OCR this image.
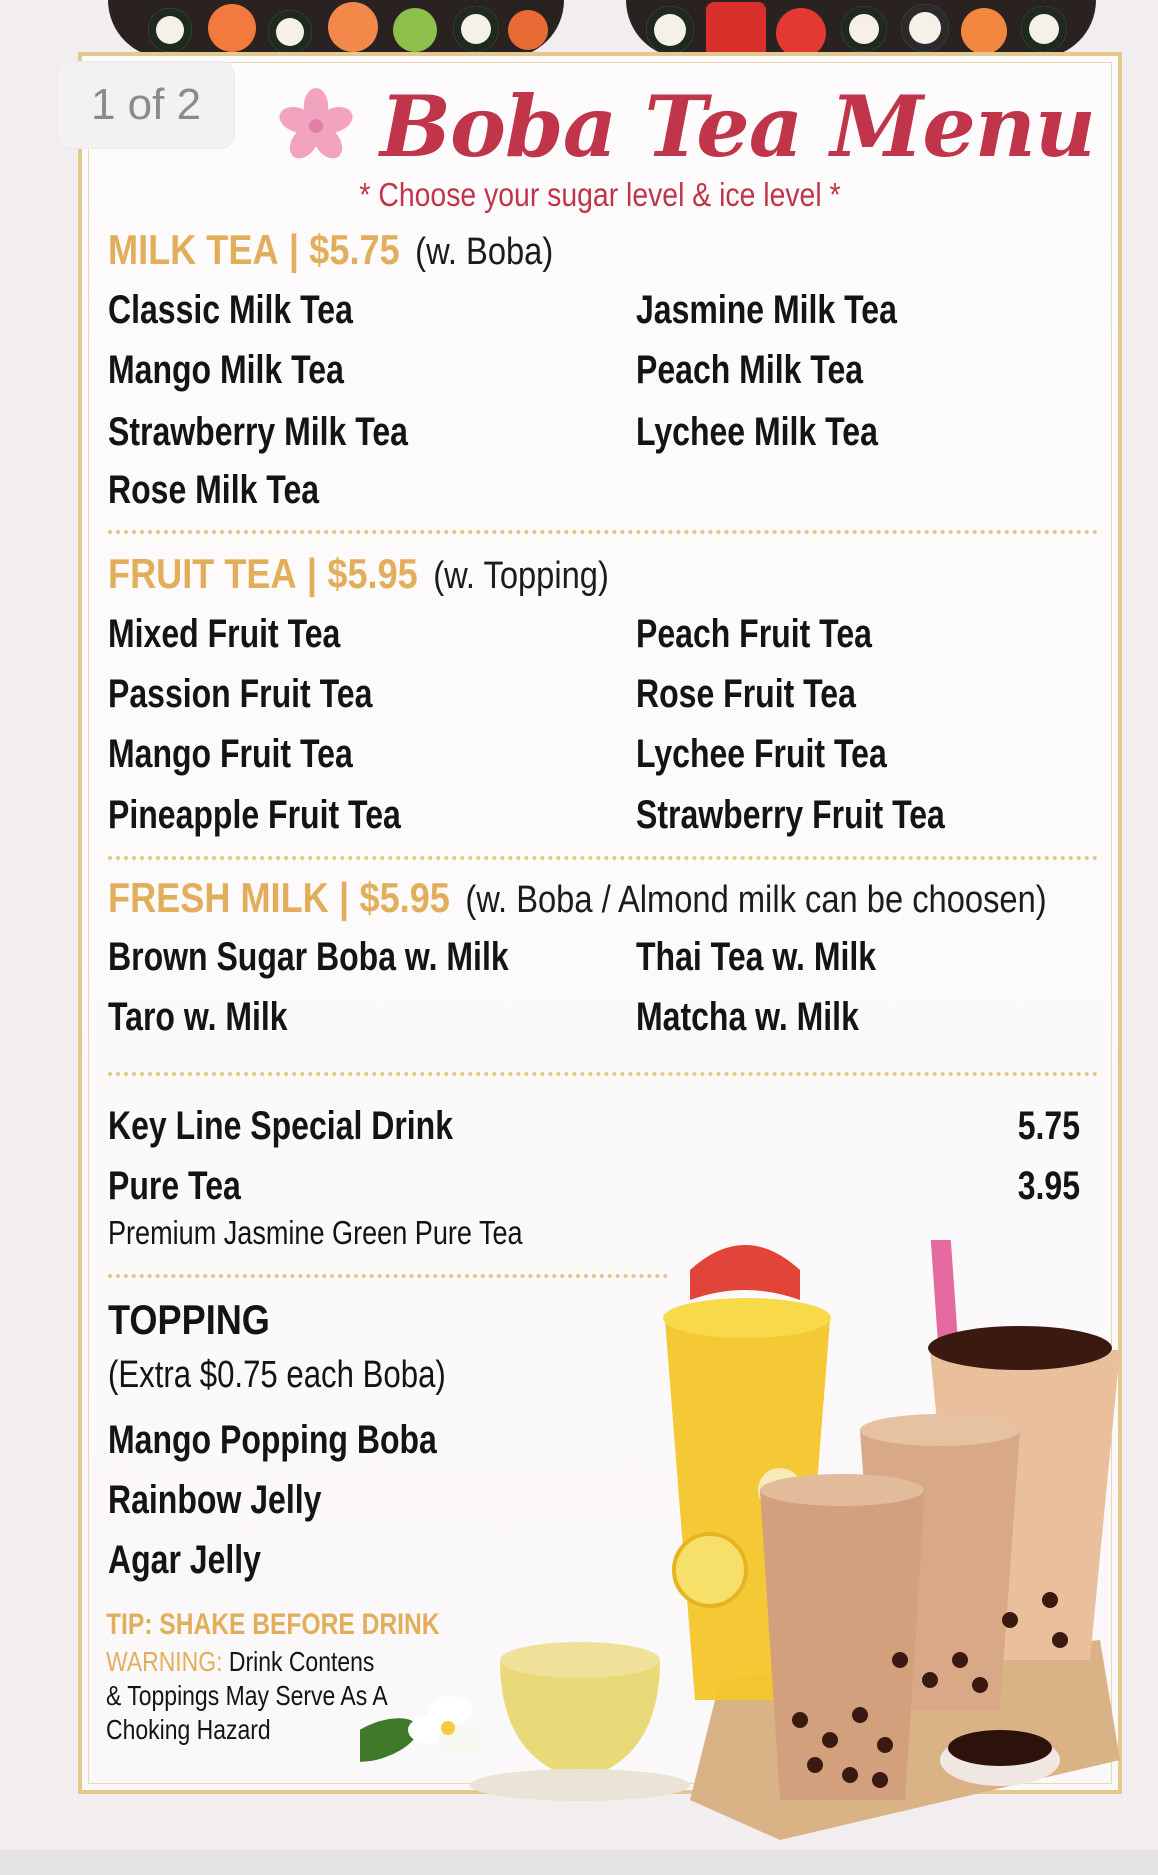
1 of 2 Boba Tea Menu
* Choose your sugar level & ice level *
MILK TEA | $5.75 (w. Boba)
Classic Milk Tea	Jasmine Milk Tea
Mango Milk Tea	Peach Milk Tea
Strawberry Milk Tea	Lychee Milk Tea
Rose Milk Tea
FRUIT TEA | $5.95 (w. Topping)
Mixed Fruit Tea	Peach Fruit Tea
Passion Fruit Tea	Rose Fruit Tea
Mango Fruit Tea	Lychee Fruit Tea
Pineapple Fruit Tea	Strawberry Fruit Tea
FRESH MILK | $5.95 (w. Boba / Almond milk can be choosen)
Brown Sugar Boba w. Milk	Thai Tea w. Milk
Taro w. Milk	Matcha w. Milk
Key Line Special Drink	5.75
Pure Tea	3.95
Premium Jasmine Green Pure Tea
TOPPING
(Extra $0.75 each Boba)
Mango Popping Boba
Rainbow Jelly
Agar Jelly
TIP: SHAKE BEFORE DRINK
WARNING: Drink Contens
& Toppings May Serve As A
Choking Hazard
